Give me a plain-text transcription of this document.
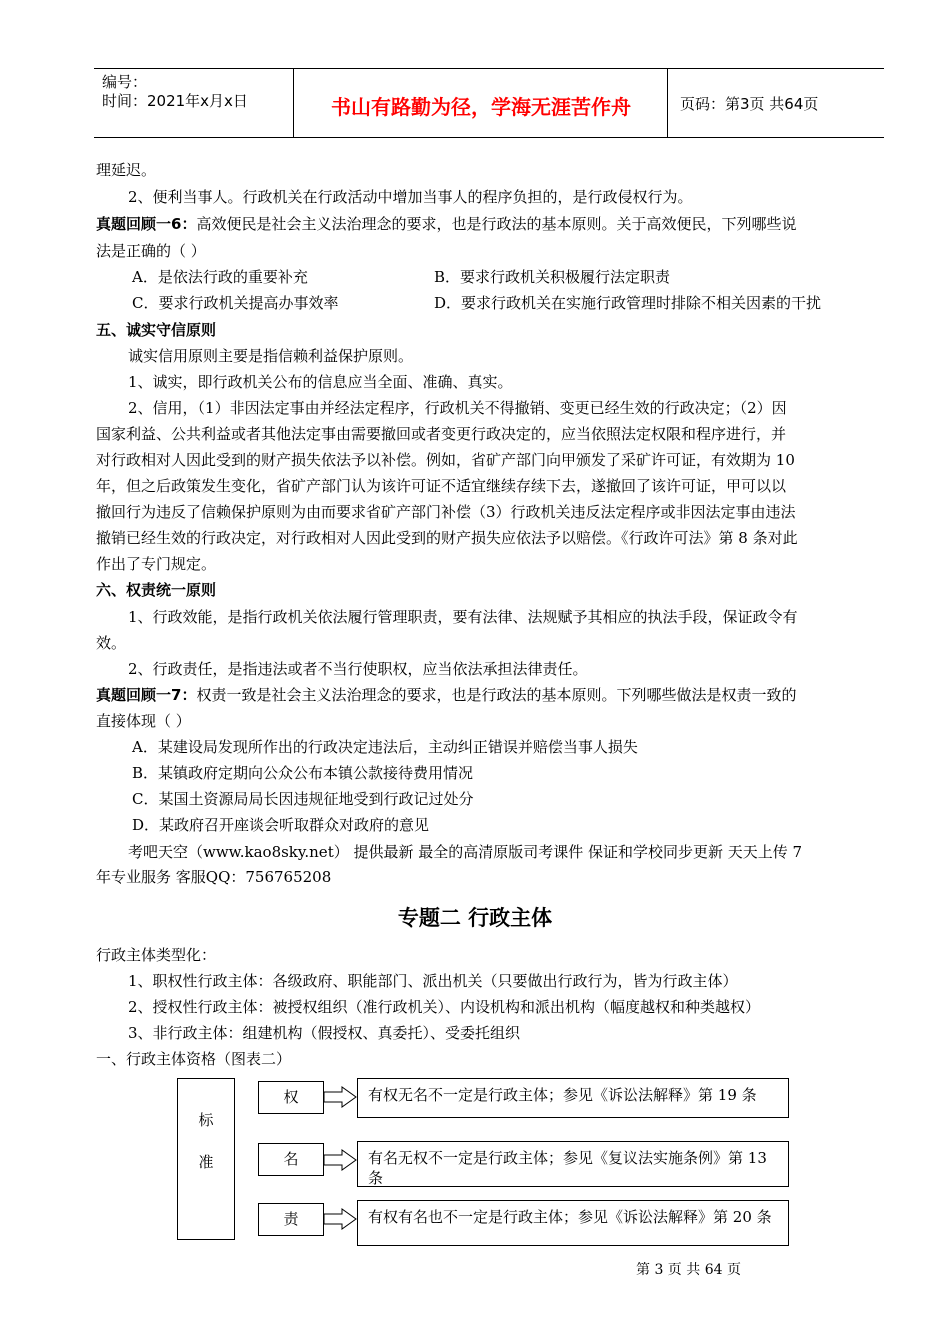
编号：
时间：2021年x月x日	书山有路勤为径，学海无涯苦作舟	页码：第3页 共64页
理延迟。
2、便利当事人。行政机关在行政活动中增加当事人的程序负担的，是行政侵权行为。
真题回顾一6：高效便民是社会主义法治理念的要求，也是行政法的基本原则。关于高效便民，下列哪些说
法是正确的（ ）
A．是依法行政的重要补充	B．要求行政机关积极履行法定职责
C．要求行政机关提高办事效率	D．要求行政机关在实施行政管理时排除不相关因素的干扰
五、诚实守信原则
诚实信用原则主要是指信赖利益保护原则。
1、诚实，即行政机关公布的信息应当全面、准确、真实。
2、信用，（1）非因法定事由并经法定程序，行政机关不得撤销、变更已经生效的行政决定；（2）因
国家利益、公共利益或者其他法定事由需要撤回或者变更行政决定的，应当依照法定权限和程序进行，并
对行政相对人因此受到的财产损失依法予以补偿。例如，省矿产部门向甲颁发了采矿许可证，有效期为 10
年，但之后政策发生变化，省矿产部门认为该许可证不适宜继续存续下去，遂撤回了该许可证，甲可以以
撤回行为违反了信赖保护原则为由而要求省矿产部门补偿（3）行政机关违反法定程序或非因法定事由违法
撤销已经生效的行政决定，对行政相对人因此受到的财产损失应依法予以赔偿。《行政许可法》第 8 条对此
作出了专门规定。
六、权责统一原则
1、行政效能，是指行政机关依法履行管理职责，要有法律、法规赋予其相应的执法手段，保证政令有
效。
2、行政责任，是指违法或者不当行使职权，应当依法承担法律责任。
真题回顾一7：权责一致是社会主义法治理念的要求，也是行政法的基本原则。下列哪些做法是权责一致的
直接体现（ ）
A．某建设局发现所作出的行政决定违法后，主动纠正错误并赔偿当事人损失
B．某镇政府定期向公众公布本镇公款接待费用情况
C．某国土资源局局长因违规征地受到行政记过处分
D．某政府召开座谈会听取群众对政府的意见
考吧天空（www.kao8sky.net） 提供最新 最全的高清原版司考课件 保证和学校同步更新 天天上传 7
年专业服务 客服QQ：756765208
专题二 行政主体
行政主体类型化：
1、职权性行政主体：各级政府、职能部门、派出机关（只要做出行政行为，皆为行政主体）
2、授权性行政主体：被授权组织（准行政机关）、内设机构和派出机构（幅度越权和种类越权）
3、非行政主体：组建机构（假授权、真委托）、受委托组织
一、行政主体资格（图表二）
标
准
权
名
责
有权无名不一定是行政主体；参见《诉讼法解释》第 19 条
有名无权不一定是行政主体；参见《复议法实施条例》第 13 条
有权有名也不一定是行政主体；参见《诉讼法解释》第 20 条
第 3 页 共 64 页
